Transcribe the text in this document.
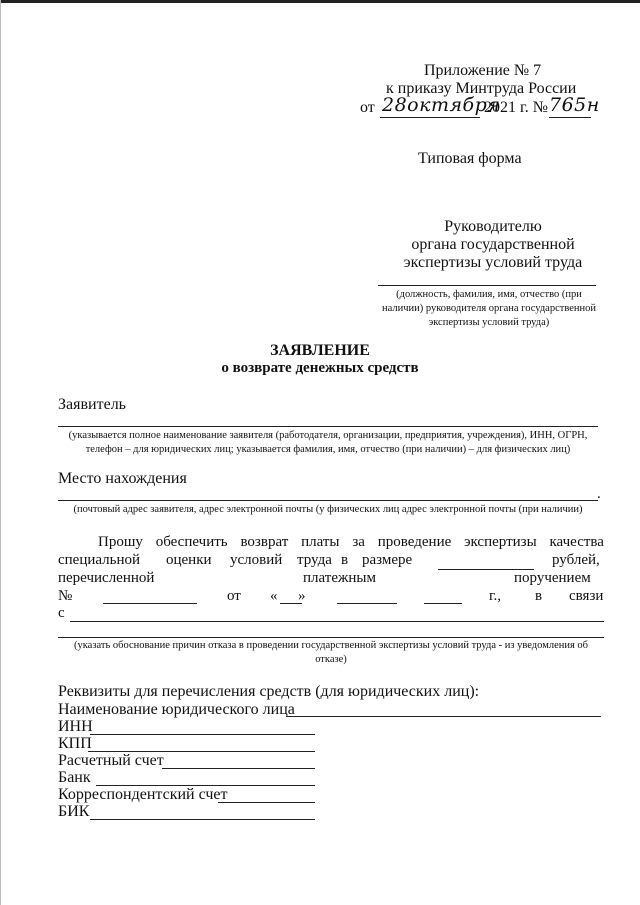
Приложение № 7
к приказу Минтруда России
от 28октября
2021 г. № 765н
Типовая форма
Руководителю
органа государственной
экспертизы условий труда
(должность, фамилия, имя, отчество (при наличии) руководителя органа государственной экспертизы условий труда)
ЗАЯВЛЕНИЕ
о возврате денежных средств
Заявитель
(указывается полное наименование заявителя (работодателя, организации, предприятия, учреждения), ИНН, ОГРН, телефон – для юридических лиц; указывается фамилия, имя, отчество (при наличии) – для физических лиц)
Место нахождения
.
(почтовый адрес заявителя, адрес электронной почты (у физических лиц адрес электронной почты (при наличии)
Прошу обеспечить возврат платы за проведение экспертизы качества
специальной оценки условий труда в размере	рублей,
перечисленной	платежным	поручением
№	от « »	г., в связи
с
(указать обоснование причин отказа в проведении государственной экспертизы условий труда - из уведомления об отказе)
Реквизиты для перечисления средств (для юридических лиц):
Наименование юридического лица
ИНН
КПП
Расчетный счет
Банк
Корреспондентский счет
БИК
